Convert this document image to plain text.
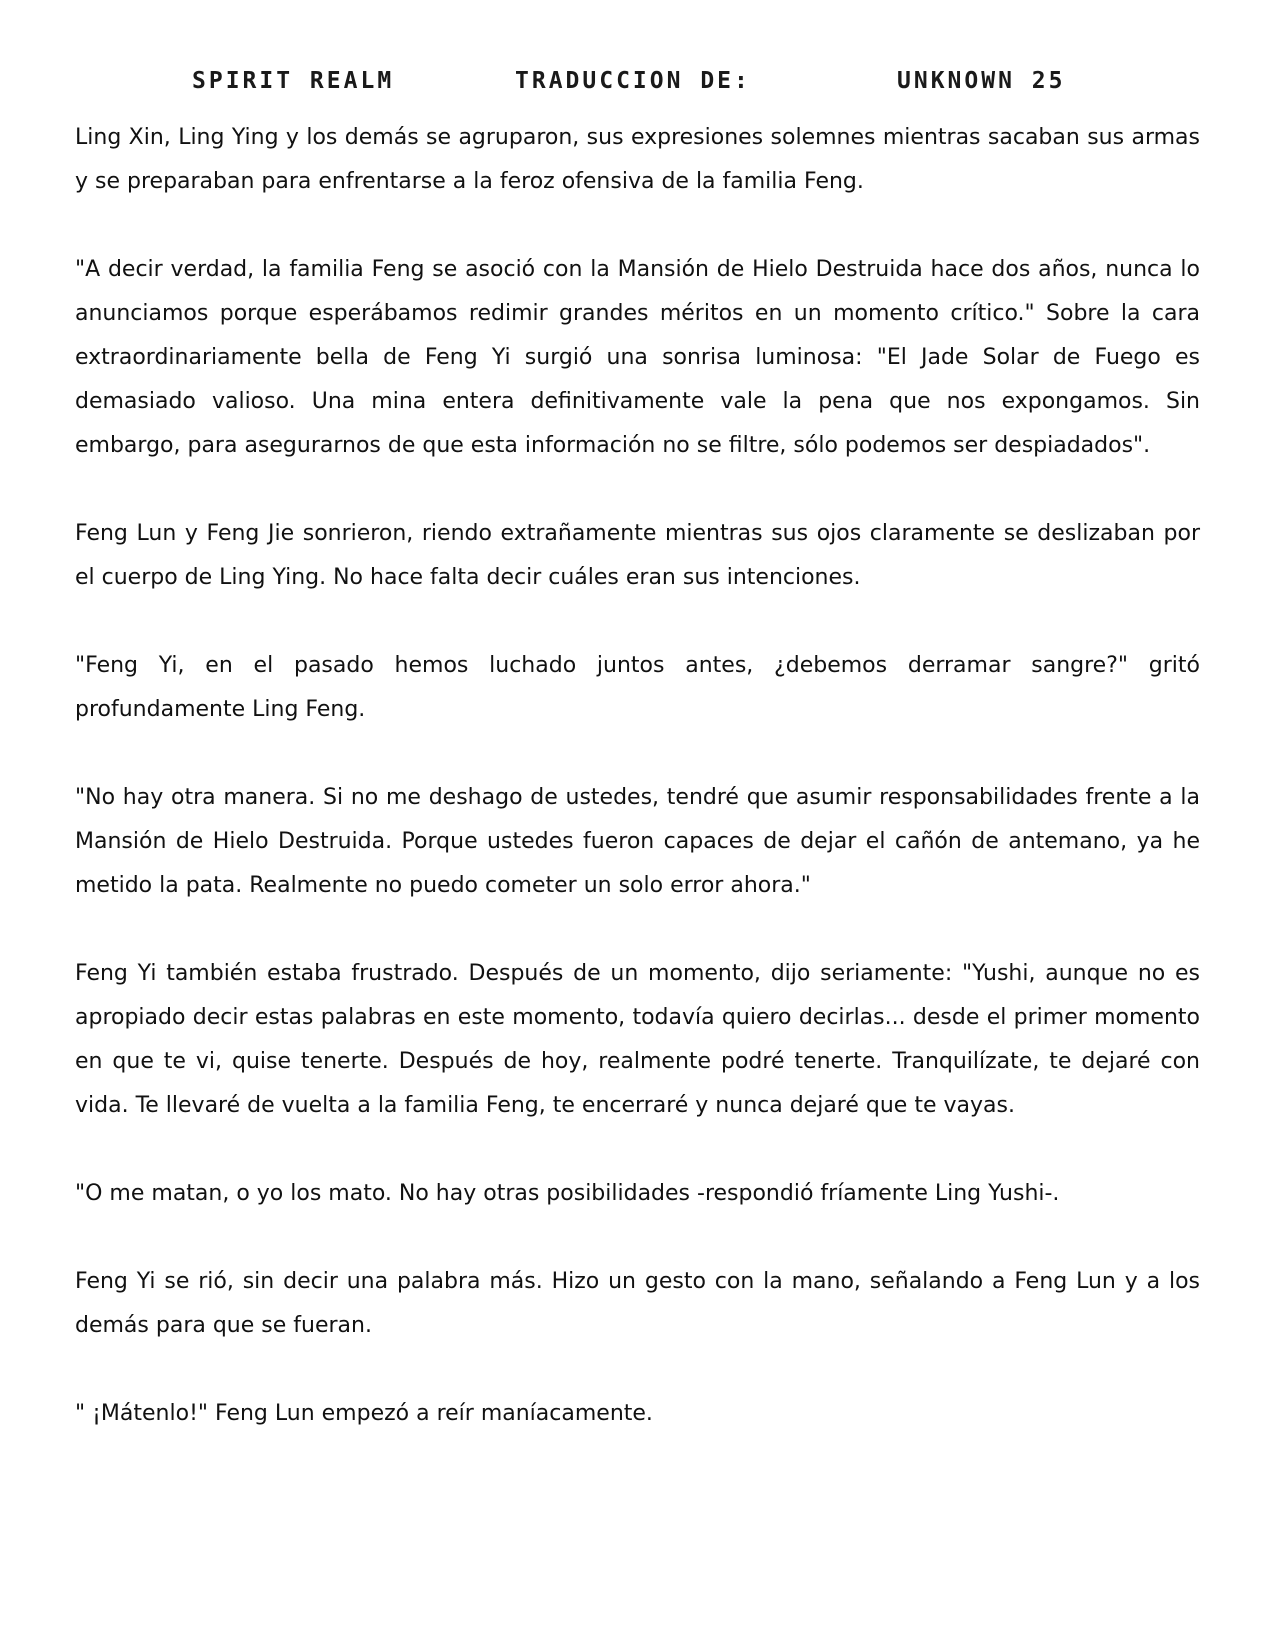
SPIRIT REALM	TRADUCCION DE:	UNKNOWN 25

Ling Xin, Ling Ying y los demás se agruparon, sus expresiones solemnes mientras sacaban sus armas y se preparaban para enfrentarse a la feroz ofensiva de la familia Feng.

"A decir verdad, la familia Feng se asoció con la Mansión de Hielo Destruida hace dos años, nunca lo anunciamos porque esperábamos redimir grandes méritos en un momento crítico." Sobre la cara extraordinariamente bella de Feng Yi surgió una sonrisa luminosa: "El Jade Solar de Fuego es demasiado valioso. Una mina entera definitivamente vale la pena que nos expongamos. Sin embargo, para asegurarnos de que esta información no se filtre, sólo podemos ser despiadados".

Feng Lun y Feng Jie sonrieron, riendo extrañamente mientras sus ojos claramente se deslizaban por el cuerpo de Ling Ying. No hace falta decir cuáles eran sus intenciones.

"Feng Yi, en el pasado hemos luchado juntos antes, ¿debemos derramar sangre?" gritó profundamente Ling Feng.

"No hay otra manera. Si no me deshago de ustedes, tendré que asumir responsabilidades frente a la Mansión de Hielo Destruida. Porque ustedes fueron capaces de dejar el cañón de antemano, ya he metido la pata. Realmente no puedo cometer un solo error ahora."

Feng Yi también estaba frustrado. Después de un momento, dijo seriamente: "Yushi, aunque no es apropiado decir estas palabras en este momento, todavía quiero decirlas... desde el primer momento en que te vi, quise tenerte. Después de hoy, realmente podré tenerte. Tranquilízate, te dejaré con vida. Te llevaré de vuelta a la familia Feng, te encerraré y nunca dejaré que te vayas.

"O me matan, o yo los mato. No hay otras posibilidades -respondió fríamente Ling Yushi-.

Feng Yi se rió, sin decir una palabra más. Hizo un gesto con la mano, señalando a Feng Lun y a los demás para que se fueran.

" ¡Mátenlo!" Feng Lun empezó a reír maníacamente.
